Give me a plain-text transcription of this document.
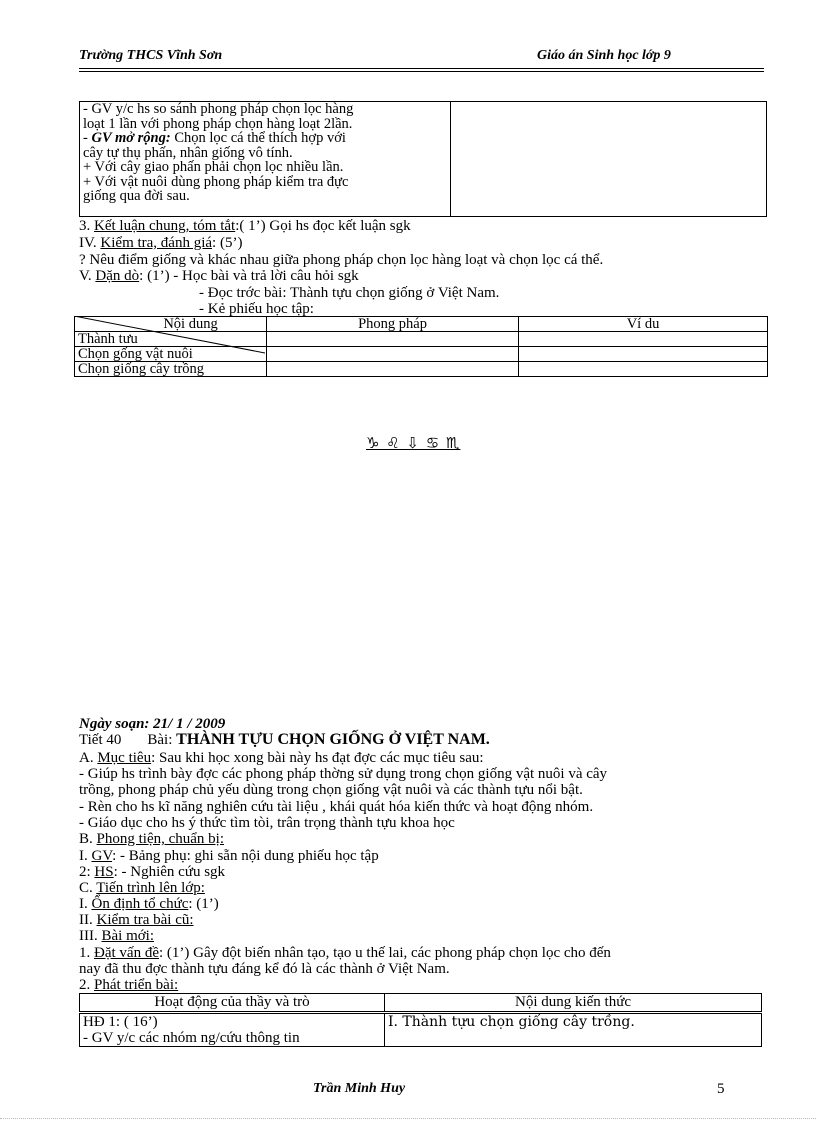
Trường THCS Vĩnh Sơn	Giáo án Sinh học lớp 9
- GV y/c hs so sánh phong pháp chọn lọc hàng
loạt 1 lần với phong pháp chọn hàng loạt 2lần.
- GV mở rộng: Chọn lọc cá thể thích hợp với
cây tự thụ phấn, nhân giống vô tính.
+ Với cây giao phấn phải chọn lọc nhiều lần.
+ Với vật nuôi dùng phong pháp kiểm tra đực
giống qua đời sau.

3. Kết luận chung, tóm tắt:( 1’) Gọi hs đọc kết luận sgk
IV. Kiểm tra, đánh giá: (5’)
? Nêu điểm giống và khác nhau giữa phong pháp chọn lọc hàng loạt và chọn lọc cá thể.
V. Dặn dò: (1’) - Học bài và trả lời câu hỏi sgk
- Đọc trớc bài: Thành tựu chọn giống ở Việt Nam.
- Kẻ phiếu học tập:
Nội dung	Phong pháp	Ví du
Thành tưu		
Chọn gống vật nuôi		
Chọn giống cây trồng		
♑ ♌ ⇩ ♋ ♏
Ngày soạn: 21/ 1 / 2009
Tiết 40 Bài: THÀNH TỰU CHỌN GIỐNG Ở VIỆT NAM.
A. Mục tiêu: Sau khi học xong bài này hs đạt đợc các mục tiêu sau:
- Giúp hs trình bày đợc các phong pháp thờng sử dụng trong chọn giống vật nuôi và cây
trồng, phong pháp chủ yếu dùng trong chọn giống vật nuôi và các thành tựu nổi bật.
- Rèn cho hs kĩ năng nghiên cứu tài liệu , khái quát hóa kiến thức và hoạt động nhóm.
- Giáo dục cho hs ý thức tìm tòi, trân trọng thành tựu khoa học
B. Phong tiện, chuẩn bị:
I. GV: - Bảng phụ: ghi sẵn nội dung phiếu học tập
2: HS: - Nghiên cứu sgk
C. Tiến trình lên lớp:
I. Ổn định tổ chức: (1’)
II. Kiểm tra bài cũ:
III. Bài mới:
1. Đặt vấn đề: (1’) Gây đột biến nhân tạo, tạo u thế lai, các phong pháp chọn lọc cho đến
nay đã thu đợc thành tựu đáng kể đó là các thành ở Việt Nam.
2. Phát triển bài:
Hoạt động của thầy và trò	Nội dung kiến thức

HĐ 1: ( 16’)
- GV y/c các nhóm ng/cứu thông tin	I. Thành tựu chọn giống cây trồng.
Trần Minh Huy	5
